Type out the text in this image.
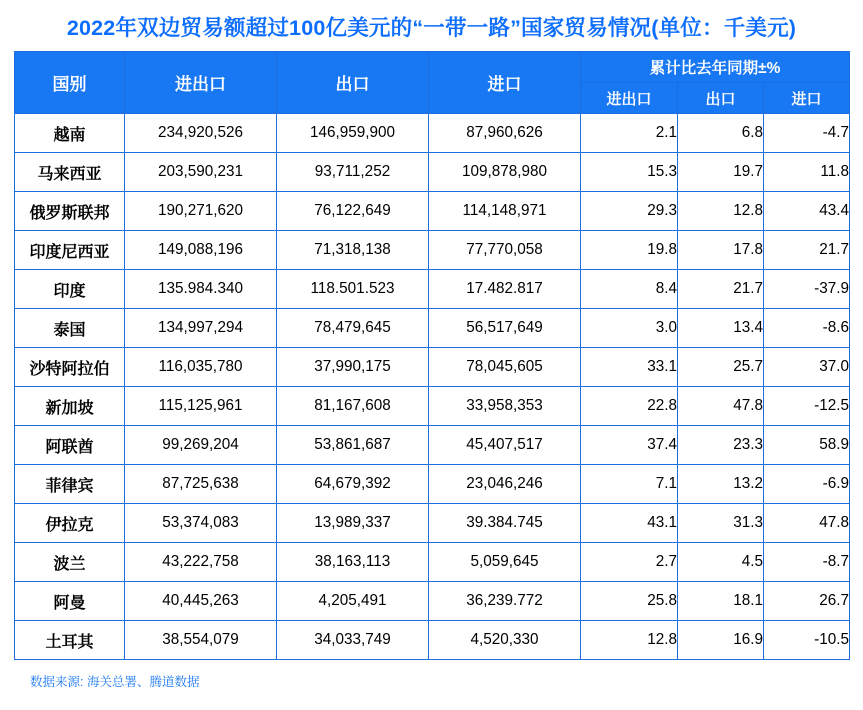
2022年双边贸易额超过100亿美元的“一带一路”国家贸易情况(单位：千美元)
国别	进出口	出口	进口	累计比去年同期±%		
				进出口	出口	进口
越南	234,920,526	146,959,900	87,960,626	2.1	6.8	-4.7
马来西亚	203,590,231	93,711,252	109,878,980	15.3	19.7	11.8
俄罗斯联邦	190,271,620	76,122,649	114,148,971	29.3	12.8	43.4
印度尼西亚	149,088,196	71,318,138	77,770,058	19.8	17.8	21.7
印度	135.984.340	118.501.523	17.482.817	8.4	21.7	-37.9
泰国	134,997,294	78,479,645	56,517,649	3.0	13.4	-8.6
沙特阿拉伯	116,035,780	37,990,175	78,045,605	33.1	25.7	37.0
新加坡	115,125,961	81,167,608	33,958,353	22.8	47.8	-12.5
阿联酋	99,269,204	53,861,687	45,407,517	37.4	23.3	58.9
菲律宾	87,725,638	64,679,392	23,046,246	7.1	13.2	-6.9
伊拉克	53,374,083	13,989,337	39.384.745	43.1	31.3	47.8
波兰	43,222,758	38,163,113	5,059,645	2.7	4.5	-8.7
阿曼	40,445,263	4,205,491	36,239.772	25.8	18.1	26.7
土耳其	38,554,079	34,033,749	4,520,330	12.8	16.9	-10.5
数据来源: 海关总署、腾道数据
